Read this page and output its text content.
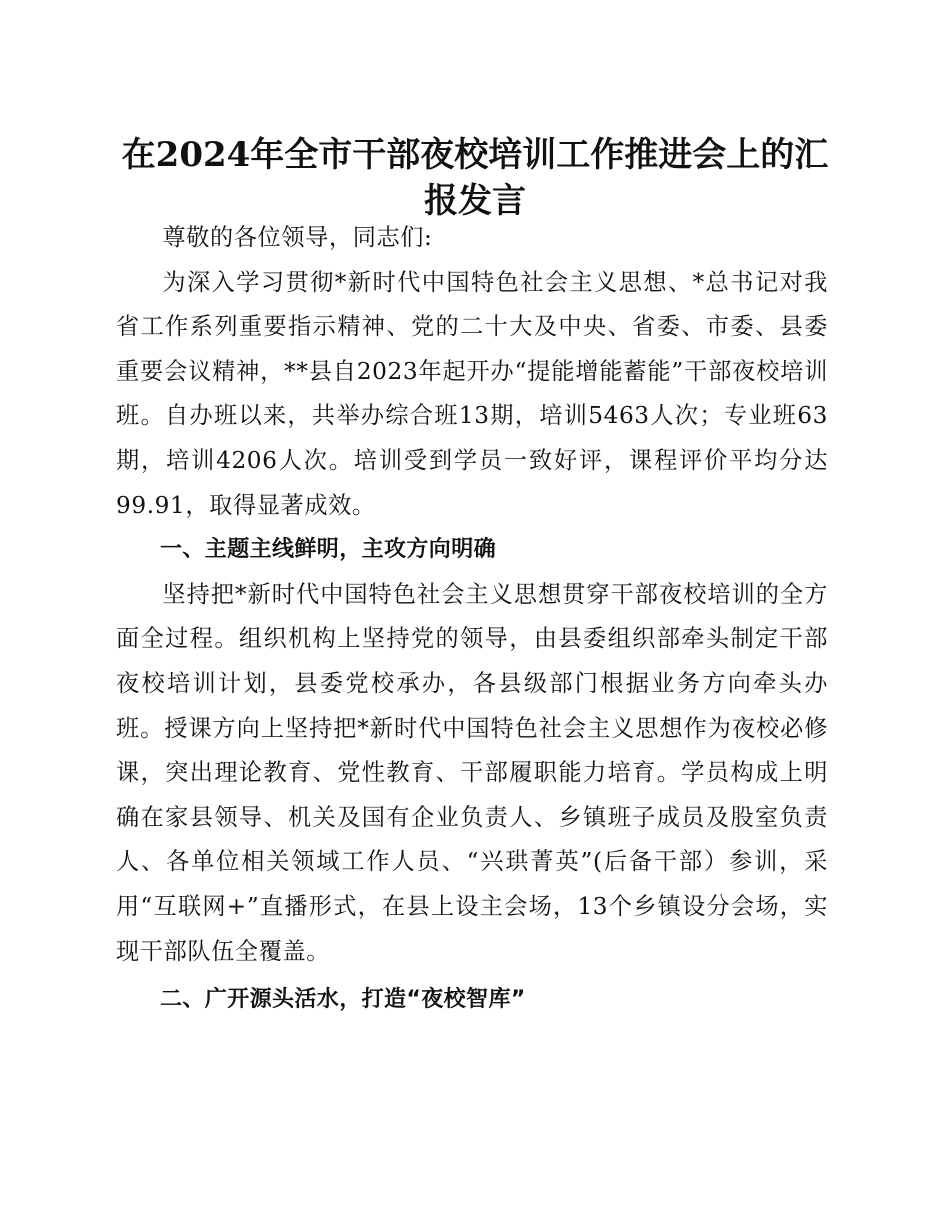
在2024年全市干部夜校培训工作推进会上的汇报发言

尊敬的各位领导，同志们:

为深入学习贯彻*新时代中国特色社会主义思想、*总书记对我省工作系列重要指示精神、党的二十大及中央、省委、市委、县委重要会议精神，**县自2023年起开办“提能增能蓄能”干部夜校培训班。自办班以来，共举办综合班13期，培训5463人次；专业班63期，培训4206人次。培训受到学员一致好评，课程评价平均分达99.91，取得显著成效。

一、主题主线鲜明，主攻方向明确

坚持把*新时代中国特色社会主义思想贯穿干部夜校培训的全方面全过程。组织机构上坚持党的领导，由县委组织部牵头制定干部夜校培训计划，县委党校承办，各县级部门根据业务方向牵头办班。授课方向上坚持把*新时代中国特色社会主义思想作为夜校必修课，突出理论教育、党性教育、干部履职能力培育。学员构成上明确在家县领导、机关及国有企业负责人、乡镇班子成员及股室负责人、各单位相关领域工作人员、“兴珙菁英”(后备干部）参训，采用“互联网+”直播形式，在县上设主会场，13个乡镇设分会场，实现干部队伍全覆盖。

二、广开源头活水，打造“夜校智库”
